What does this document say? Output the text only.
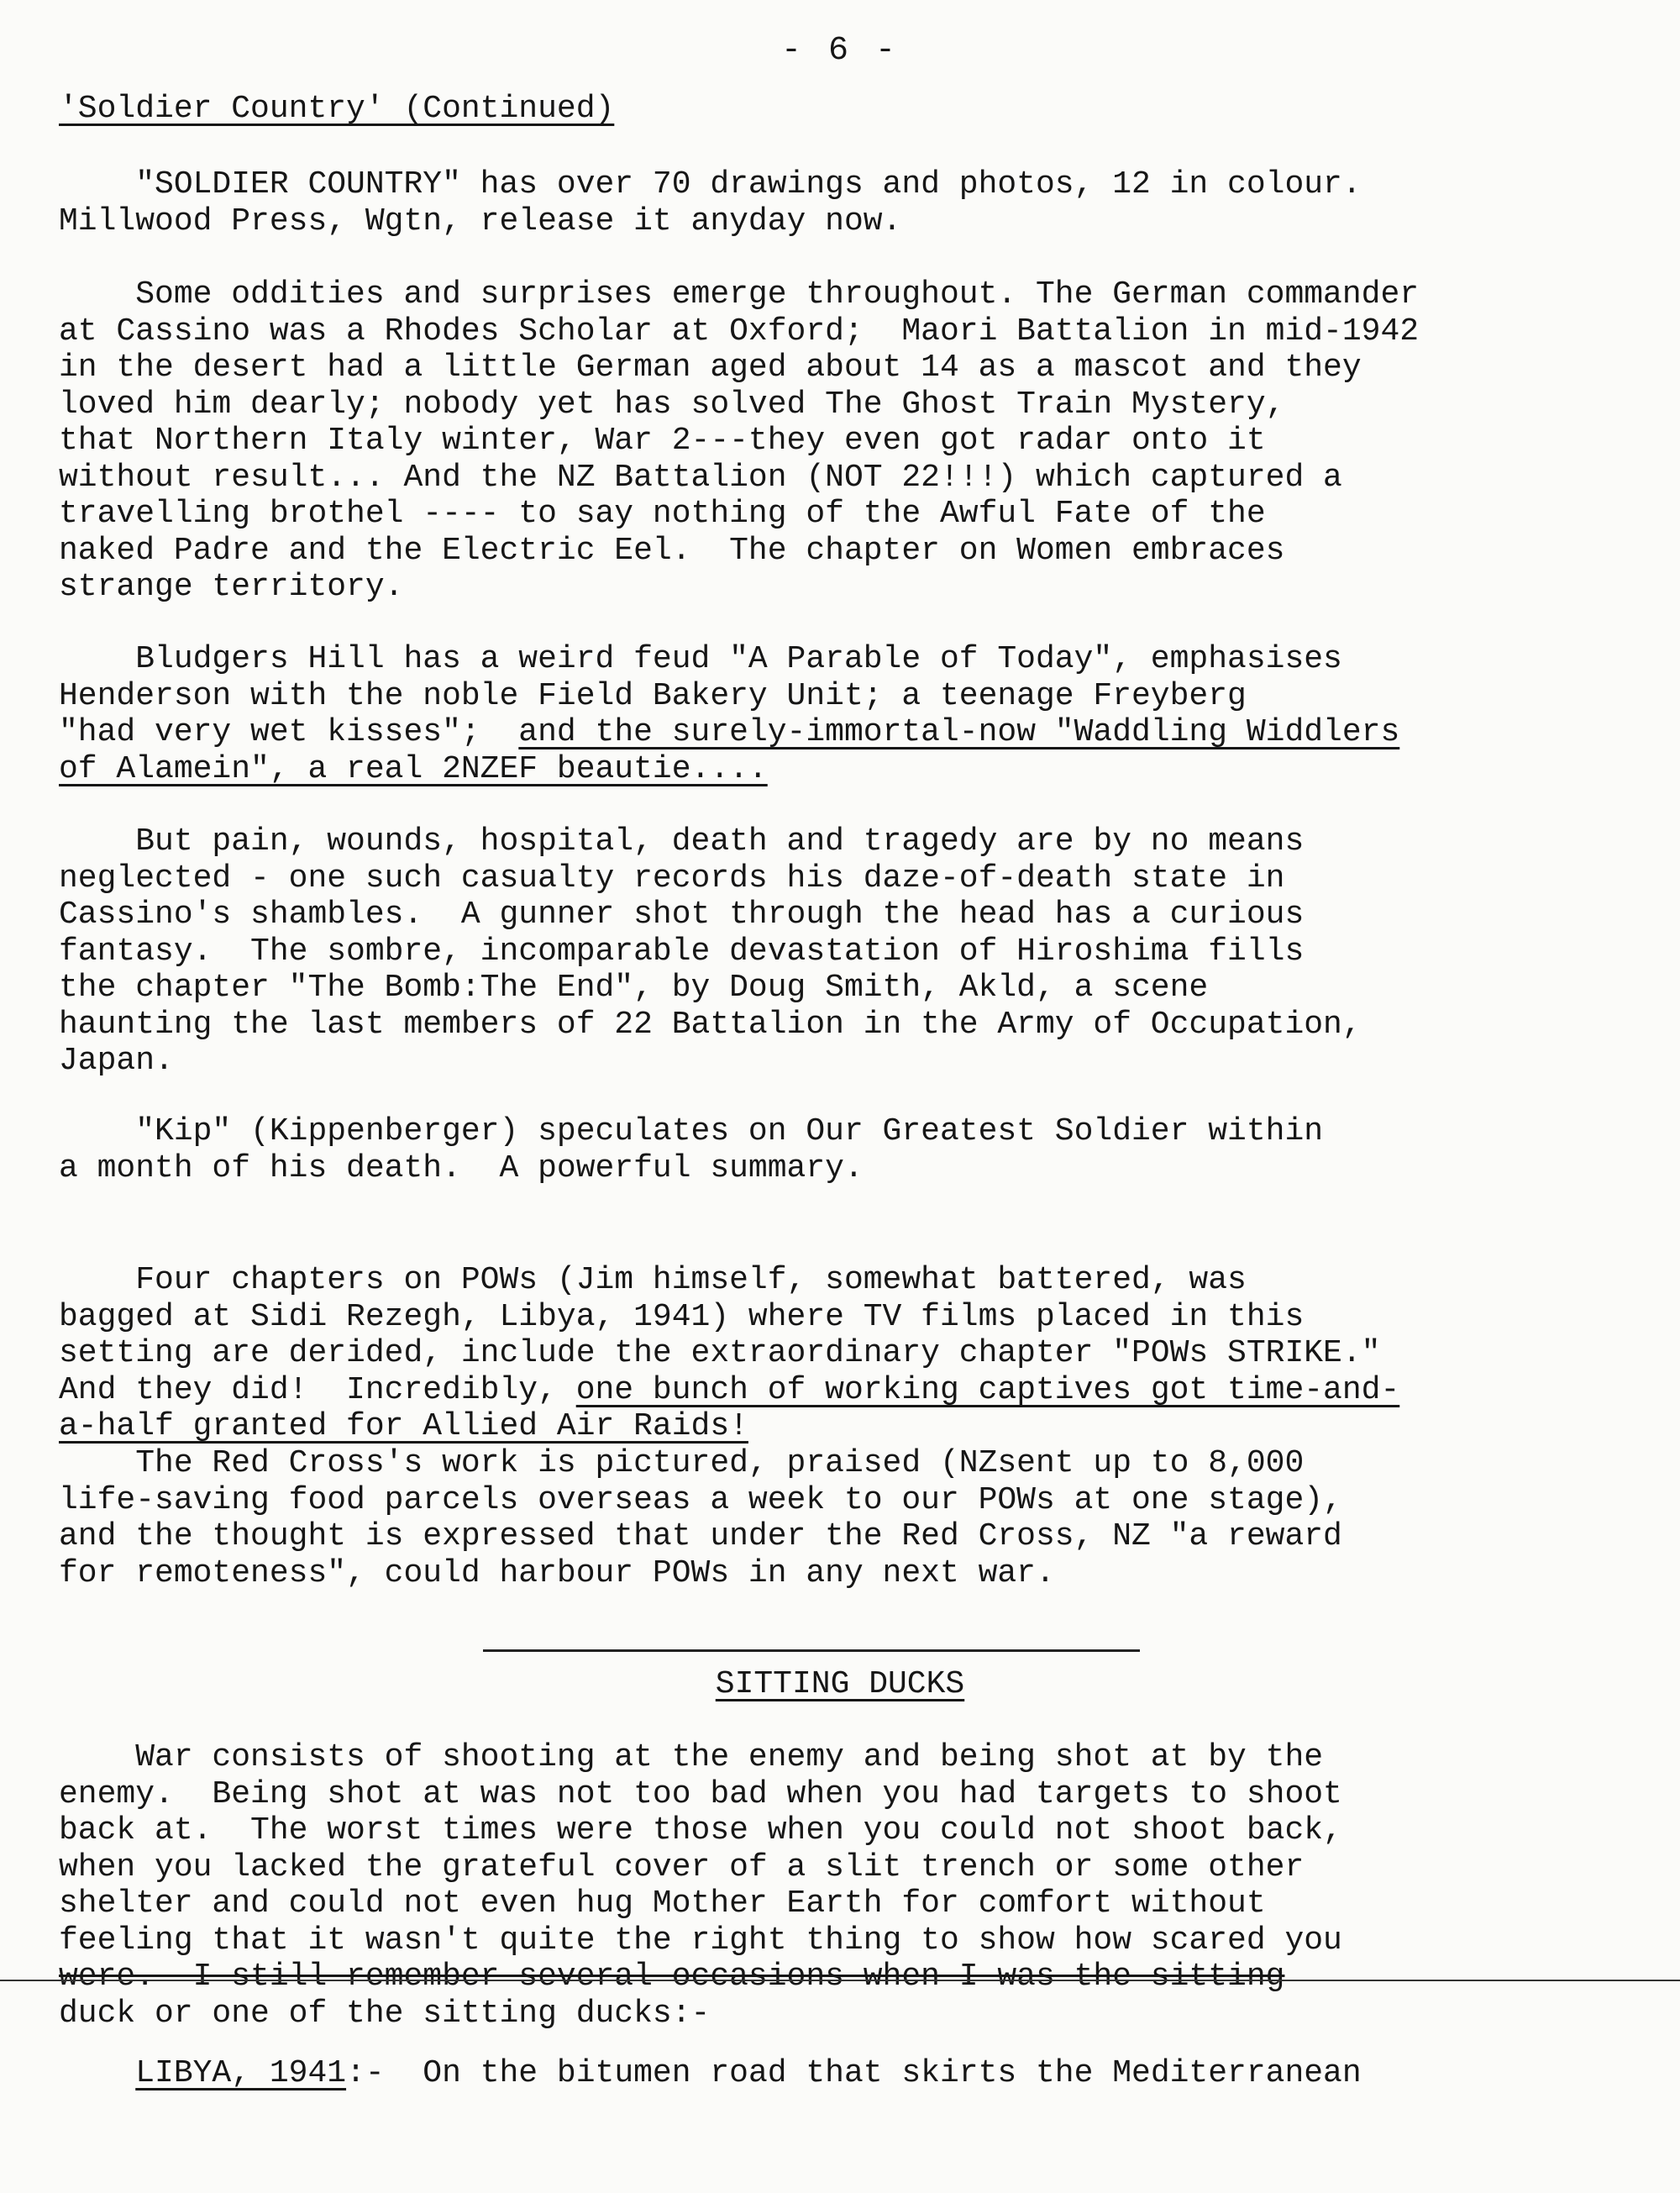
- 6 -
'Soldier Country' (Continued)

"SOLDIER COUNTRY" has over 70 drawings and photos, 12 in colour.
Millwood Press, Wgtn, release it anyday now.

Some oddities and surprises emerge throughout. The German commander
at Cassino was a Rhodes Scholar at Oxford;  Maori Battalion in mid-1942
in the desert had a little German aged about 14 as a mascot and they
loved him dearly; nobody yet has solved The Ghost Train Mystery,
that Northern Italy winter, War 2---they even got radar onto it
without result... And the NZ Battalion (NOT 22!!!) which captured a
travelling brothel ---- to say nothing of the Awful Fate of the
naked Padre and the Electric Eel.  The chapter on Women embraces
strange territory.

Bludgers Hill has a weird feud "A Parable of Today", emphasises
Henderson with the noble Field Bakery Unit; a teenage Freyberg
"had very wet kisses";  and the surely-immortal-now "Waddling Widdlers
of Alamein", a real 2NZEF beautie....

But pain, wounds, hospital, death and tragedy are by no means
neglected - one such casualty records his daze-of-death state in
Cassino's shambles.  A gunner shot through the head has a curious
fantasy.  The sombre, incomparable devastation of Hiroshima fills
the chapter "The Bomb:The End", by Doug Smith, Akld, a scene
haunting the last members of 22 Battalion in the Army of Occupation,
Japan.

"Kip" (Kippenberger) speculates on Our Greatest Soldier within
a month of his death.  A powerful summary.

Four chapters on POWs (Jim himself, somewhat battered, was
bagged at Sidi Rezegh, Libya, 1941) where TV films placed in this
setting are derided, include the extraordinary chapter "POWs STRIKE."
And they did!  Incredibly, one bunch of working captives got time-and-
a-half granted for Allied Air Raids!

The Red Cross's work is pictured, praised (NZsent up to 8,000
life-saving food parcels overseas a week to our POWs at one stage),
and the thought is expressed that under the Red Cross, NZ "a reward
for remoteness", could harbour POWs in any next war.

SITTING DUCKS

War consists of shooting at the enemy and being shot at by the
enemy.  Being shot at was not too bad when you had targets to shoot
back at.  The worst times were those when you could not shoot back,
when you lacked the grateful cover of a slit trench or some other
shelter and could not even hug Mother Earth for comfort without
feeling that it wasn't quite the right thing to show how scared you
were.  I still remember several occasions when I was the sitting
duck or one of the sitting ducks:-

LIBYA, 1941:-  On the bitumen road that skirts the Mediterranean
